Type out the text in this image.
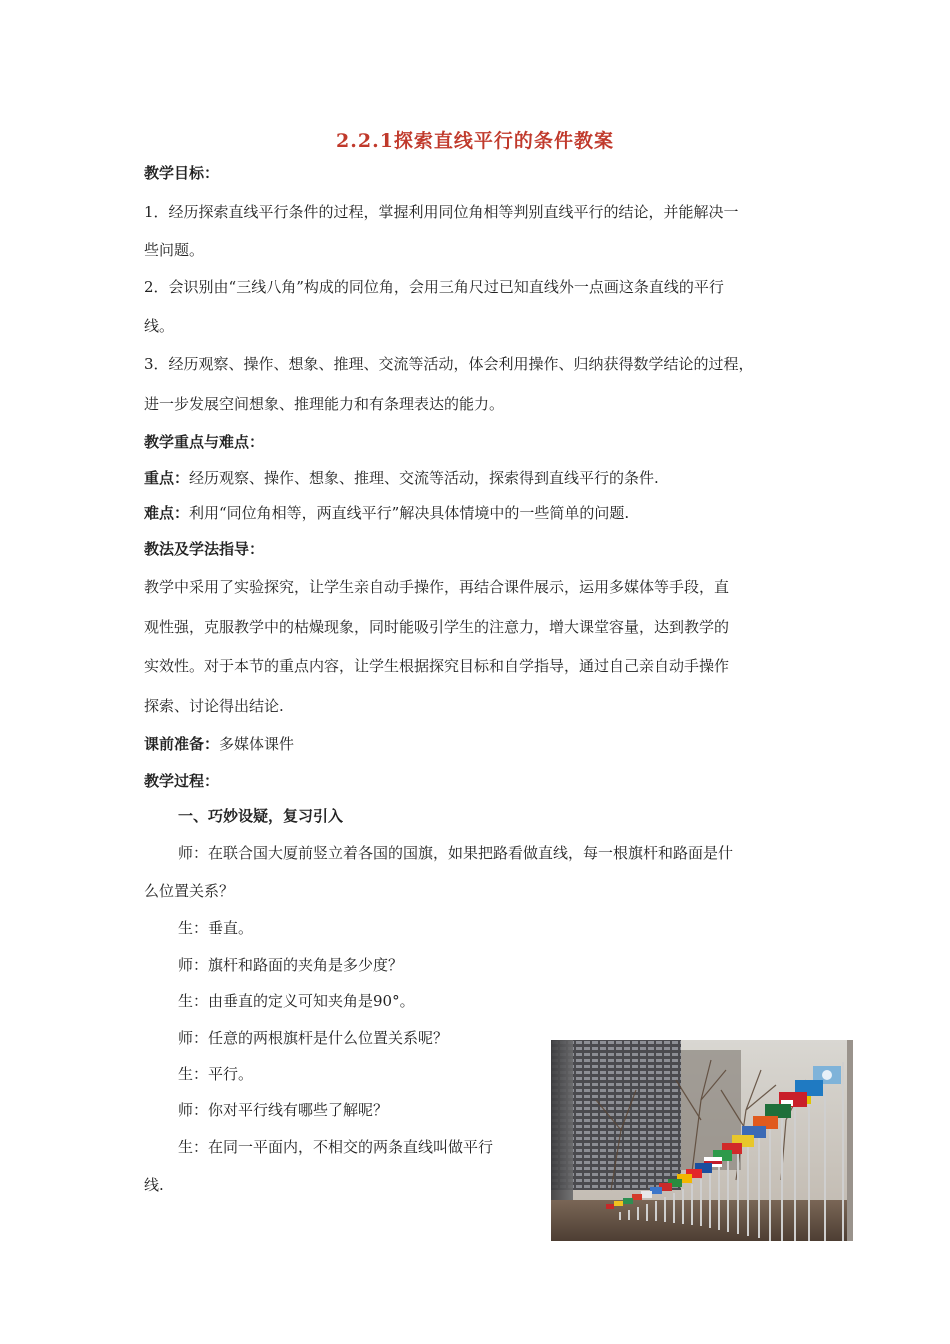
2.2.1探索直线平行的条件教案
教学目标：
1．经历探索直线平行条件的过程，掌握利用同位角相等判别直线平行的结论，并能解决一
些问题。
2．会识别由“三线八角”构成的同位角，会用三角尺过已知直线外一点画这条直线的平行
线。
3．经历观察、操作、想象、推理、交流等活动，体会利用操作、归纳获得数学结论的过程，
进一步发展空间想象、推理能力和有条理表达的能力。
教学重点与难点：
重点：经历观察、操作、想象、推理、交流等活动，探索得到直线平行的条件.
难点：利用“同位角相等，两直线平行”解决具体情境中的一些简单的问题.
教法及学法指导：
教学中采用了实验探究，让学生亲自动手操作，再结合课件展示，运用多媒体等手段，直
观性强，克服教学中的枯燥现象，同时能吸引学生的注意力，增大课堂容量，达到教学的
实效性。对于本节的重点内容，让学生根据探究目标和自学指导，通过自己亲自动手操作
探索、讨论得出结论.
课前准备：多媒体课件
教学过程：
一、巧妙设疑，复习引入
师：在联合国大厦前竖立着各国的国旗，如果把路看做直线，每一根旗杆和路面是什
么位置关系？
生：垂直。
师：旗杆和路面的夹角是多少度？
生：由垂直的定义可知夹角是90°。
师：任意的两根旗杆是什么位置关系呢？
生：平行。
师：你对平行线有哪些了解呢？
生：在同一平面内，不相交的两条直线叫做平行
线.
